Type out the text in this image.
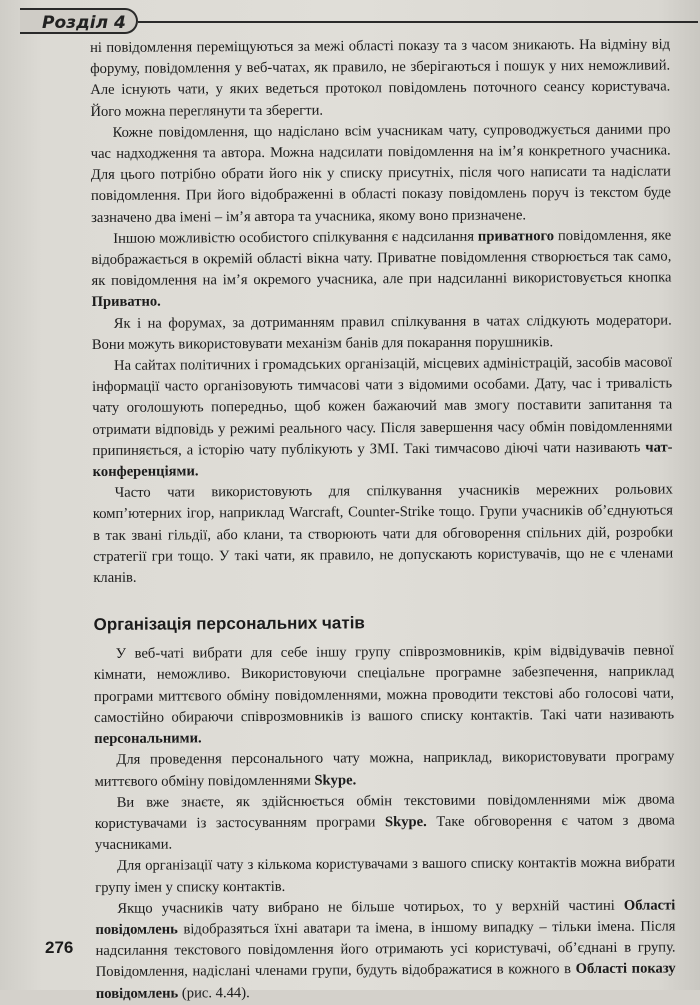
Розділ 4

ні повідомлення переміщуються за межі області показу та з часом зникають. На відміну від форуму, повідомлення у веб-чатах, як правило, не зберігаються і пошук у них неможливий. Але існують чати, у яких ведеться протокол повідомлень поточного сеансу користувача. Його можна переглянути та зберегти.

Кожне повідомлення, що надіслано всім учасникам чату, супроводжується даними про час надходження та автора. Можна надсилати повідомлення на ім’я конкретного учасника. Для цього потрібно обрати його нік у списку присутніх, після чого написати та надіслати повідомлення. При його відображенні в області показу повідомлень поруч із текстом буде зазначено два імені – ім’я автора та учасника, якому воно призначене.

Іншою можливістю особистого спілкування є надсилання приватного повідомлення, яке відображається в окремій області вікна чату. Приватне повідомлення створюється так само, як повідомлення на ім’я окремого учасника, але при надсиланні використовується кнопка Приватно.

Як і на форумах, за дотриманням правил спілкування в чатах слідкують модератори. Вони можуть використовувати механізм банів для покарання порушників.

На сайтах політичних і громадських організацій, місцевих адміністрацій, засобів масової інформації часто організовують тимчасові чати з відомими особами. Дату, час і тривалість чату оголошують попередньо, щоб кожен бажаючий мав змогу поставити запитання та отримати відповідь у режимі реального часу. Після завершення часу обмін повідомленнями припиняється, а історію чату публікують у ЗМІ. Такі тимчасово діючі чати називають чат-конференціями.

Часто чати використовують для спілкування учасників мережних рольових комп’ютерних ігор, наприклад Warcraft, Counter-Strike тощо. Групи учасників об’єднуються в так звані гільдії, або клани, та створюють чати для обговорення спільних дій, розробки стратегії гри тощо. У такі чати, як правило, не допускають користувачів, що не є членами кланів.

Організація персональних чатів

У веб-чаті вибрати для себе іншу групу співрозмовників, крім відвідувачів певної кімнати, неможливо. Використовуючи спеціальне програмне забезпечення, наприклад програми миттєвого обміну повідомленнями, можна проводити текстові або голосові чати, самостійно обираючи співрозмовників із вашого списку контактів. Такі чати називають персональними.

Для проведення персонального чату можна, наприклад, використовувати програму миттєвого обміну повідомленнями Skype.

Ви вже знаєте, як здійснюється обмін текстовими повідомленнями між двома користувачами із застосуванням програми Skype. Таке обговорення є чатом з двома учасниками.

Для організації чату з кількома користувачами з вашого списку контактів можна вибрати групу імен у списку контактів.

Якщо учасників чату вибрано не більше чотирьох, то у верхній частині Області повідомлень відобразяться їхні аватари та імена, в іншому випадку – тільки імена. Після надсилання текстового повідомлення його отримають усі користувачі, об’єднані в групу. Повідомлення, надіслані членами групи, будуть відображатися в кожного в Області показу повідомлень (рис. 4.44).

276
